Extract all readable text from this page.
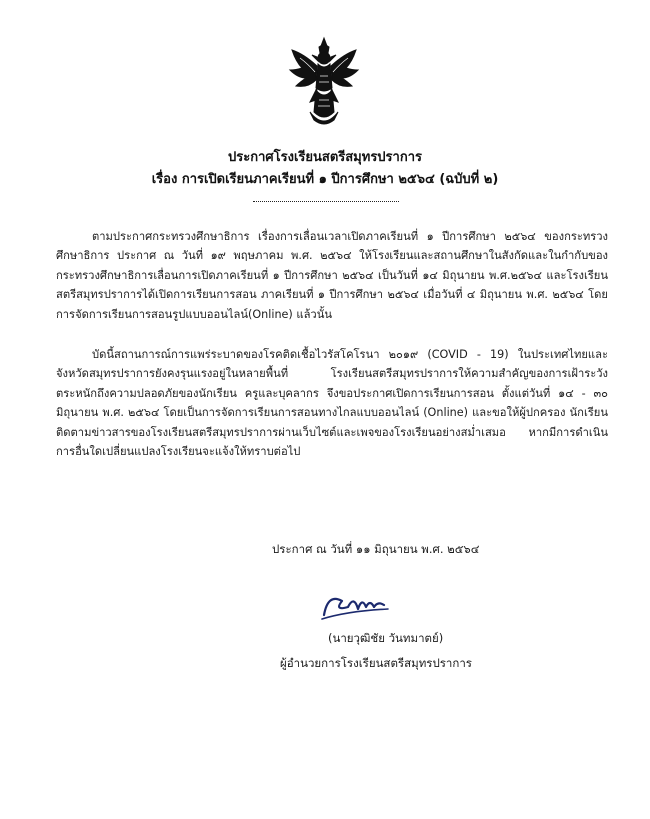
ประกาศโรงเรียนสตรีสมุทรปราการ
เรื่อง การเปิดเรียนภาคเรียนที่ ๑ ปีการศึกษา ๒๕๖๔ (ฉบับที่ ๒)

ตามประกาศกระทรวงศึกษาธิการ เรื่องการเลื่อนเวลาเปิดภาคเรียนที่ ๑ ปีการศึกษา ๒๕๖๔ ของกระทรวงศึกษาธิการ ประกาศ ณ วันที่ ๑๙ พฤษภาคม พ.ศ. ๒๕๖๔ ให้โรงเรียนและสถานศึกษาในสังกัดและในกำกับของกระทรวงศึกษาธิการเลื่อนการเปิดภาคเรียนที่ ๑ ปีการศึกษา ๒๕๖๔ เป็นวันที่ ๑๔ มิถุนายน พ.ศ.๒๕๖๔ และโรงเรียนสตรีสมุทรปราการได้เปิดการเรียนการสอน ภาคเรียนที่ ๑ ปีการศึกษา ๒๕๖๔ เมื่อวันที่ ๔ มิถุนายน พ.ศ. ๒๕๖๔ โดยการจัดการเรียนการสอนรูปแบบออนไลน์(Online) แล้วนั้น

บัดนี้สถานการณ์การแพร่ระบาดของโรคติดเชื้อไวรัสโคโรนา ๒๐๑๙ (COVID - 19) ในประเทศไทยและจังหวัดสมุทรปราการยังคงรุนแรงอยู่ในหลายพื้นที่ โรงเรียนสตรีสมุทรปราการให้ความสำคัญของการเฝ้าระวัง ตระหนักถึงความปลอดภัยของนักเรียน ครูและบุคลากร จึงขอประกาศเปิดการเรียนการสอน ตั้งแต่วันที่ ๑๔ - ๓๐ มิถุนายน พ.ศ. ๒๕๖๔ โดยเป็นการจัดการเรียนการสอนทางไกลแบบออนไลน์ (Online) และขอให้ผู้ปกครอง นักเรียนติดตามข่าวสารของโรงเรียนสตรีสมุทรปราการผ่านเว็บไซต์และเพจของโรงเรียนอย่างสม่ำเสมอ หากมีการดำเนินการอื่นใดเปลี่ยนแปลงโรงเรียนจะแจ้งให้ทราบต่อไป

ประกาศ ณ วันที่ ๑๑ มิถุนายน พ.ศ. ๒๕๖๔
(นายวุฒิชัย วันทมาตย์)
ผู้อำนวยการโรงเรียนสตรีสมุทรปราการ
